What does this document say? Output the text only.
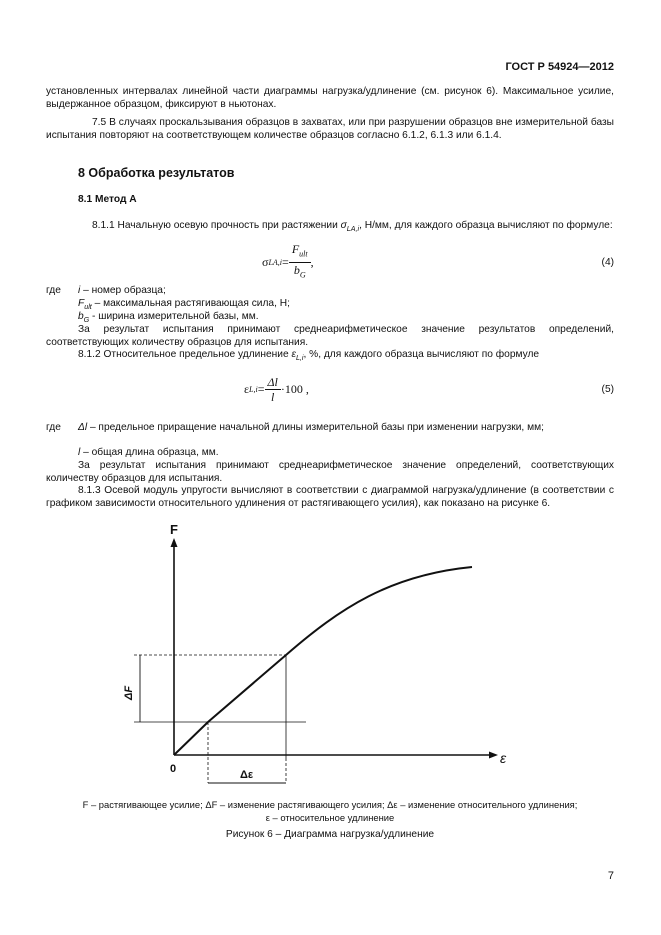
ГОСТ Р 54924—2012
установленных интервалах линейной части диаграммы нагрузка/удлинение (см. рисунок 6). Максимальное усилие, выдержанное образцом, фиксируют в ньютонах.
7.5 В случаях проскальзывания образцов в захватах, или при разрушении образцов вне измерительной базы испытания повторяют на соответствующем количестве образцов согласно 6.1.2, 6.1.3 или 6.1.4.
8 Обработка результатов
8.1 Метод А
8.1.1 Начальную осевую прочность при растяжении $\sigma_{LA,i}$, Н/мм, для каждого образца вычисляют по формуле:
σ $LA,i = \frac{F_{ult}}{b_G}$ ,	(4)
где i – номер образца;
$F_{ult}$ – максимальная растягивающая сила, Н;
$b_G$ - ширина измерительной базы, мм.
За результат испытания принимают среднеарифметическое значение результатов определений, соответствующих количеству образцов для испытания.
8.1.2 Относительное предельное удлинение $\varepsilon_{L,i}$, %, для каждого образца вычисляют по формуле
ε $L,i = \frac{\Delta l}{l} \cdot 100$ ,	(5)
где Δl – предельное приращение начальной длины измерительной базы при изменении нагрузки, мм;
l – общая длина образца, мм.
За результат испытания принимают среднеарифметическое значение определений, соответствующих количеству образцов для испытания.
8.1.3 Осевой модуль упругости вычисляют в соответствии с диаграммой нагрузка/удлинение (в соответствии с графиком зависимости относительного удлинения от растягивающего усилия), как показано на рисунке 6.
F
ε
0
ΔF
Δε
F – растягивающее усилие; ΔF – изменение растягивающего усилия; Δε – изменение относительного удлинения;
ε – относительное удлинение
Рисунок 6 – Диаграмма нагрузка/удлинение
7
